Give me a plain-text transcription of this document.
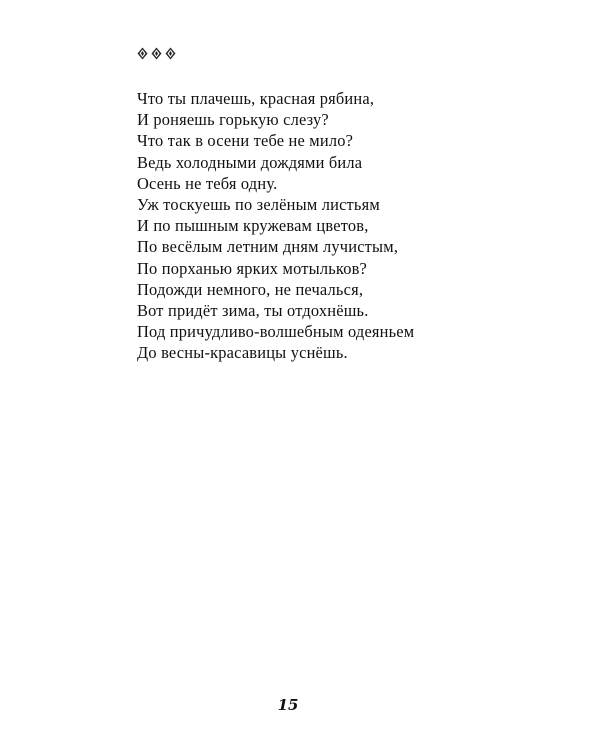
Что ты плачешь, красная рябина,
И роняешь горькую слезу?
Что так в осени тебе не мило?
Ведь холодными дождями била
Осень не тебя одну.
Уж тоскуешь по зелёным листьям
И по пышным кружевам цветов,
По весёлым летним дням лучистым,
По порханью ярких мотыльков?
Подожди немного, не печалься,
Вот придёт зима, ты отдохнёшь.
Под причудливо-волшебным одеяньем
До весны-красавицы уснёшь.
15
